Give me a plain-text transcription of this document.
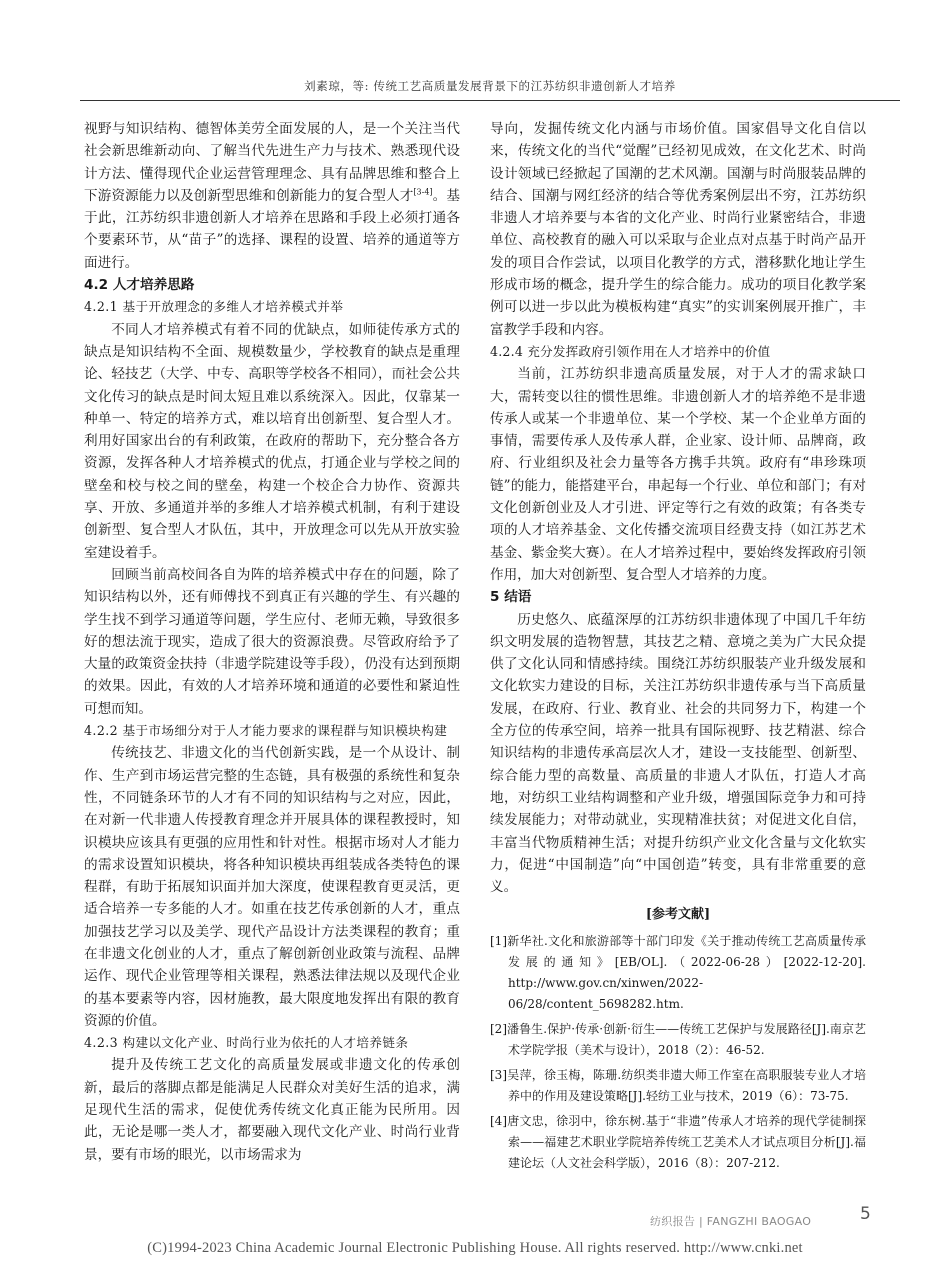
刘素琼，等: 传统工艺高质量发展背景下的江苏纺织非遗创新人才培养

视野与知识结构、德智体美劳全面发展的人，是一个关注当代社会新思维新动向、了解当代先进生产力与技术、熟悉现代设计方法、懂得现代企业运营管理理念、具有品牌思维和整合上下游资源能力以及创新型思维和创新能力的复合型人才[3-4]。基于此，江苏纺织非遗创新人才培养在思路和手段上必须打通各个要素环节，从“苗子”的选择、课程的设置、培养的通道等方面进行。

4.2 人才培养思路

4.2.1 基于开放理念的多维人才培养模式并举

不同人才培养模式有着不同的优缺点，如师徒传承方式的缺点是知识结构不全面、规模数量少，学校教育的缺点是重理论、轻技艺（大学、中专、高职等学校各不相同），而社会公共文化传习的缺点是时间太短且难以系统深入。因此，仅靠某一种单一、特定的培养方式，难以培育出创新型、复合型人才。利用好国家出台的有利政策，在政府的帮助下，充分整合各方资源，发挥各种人才培养模式的优点，打通企业与学校之间的壁垒和校与校之间的壁垒，构建一个校企合力协作、资源共享、开放、多通道并举的多维人才培养模式机制，有利于建设创新型、复合型人才队伍，其中，开放理念可以先从开放实验室建设着手。

回顾当前高校间各自为阵的培养模式中存在的问题，除了知识结构以外，还有师傅找不到真正有兴趣的学生、有兴趣的学生找不到学习通道等问题，学生应付、老师无赖，导致很多好的想法流于现实，造成了很大的资源浪费。尽管政府给予了大量的政策资金扶持（非遗学院建设等手段），仍没有达到预期的效果。因此，有效的人才培养环境和通道的必要性和紧迫性可想而知。

4.2.2 基于市场细分对于人才能力要求的课程群与知识模块构建

传统技艺、非遗文化的当代创新实践，是一个从设计、制作、生产到市场运营完整的生态链，具有极强的系统性和复杂性，不同链条环节的人才有不同的知识结构与之对应，因此，在对新一代非遗人传授教育理念并开展具体的课程教授时，知识模块应该具有更强的应用性和针对性。根据市场对人才能力的需求设置知识模块，将各种知识模块再组装成各类特色的课程群，有助于拓展知识面并加大深度，使课程教育更灵活，更适合培养一专多能的人才。如重在技艺传承创新的人才，重点加强技艺学习以及美学、现代产品设计方法类课程的教育；重在非遗文化创业的人才，重点了解创新创业政策与流程、品牌运作、现代企业管理等相关课程，熟悉法律法规以及现代企业的基本要素等内容，因材施教，最大限度地发挥出有限的教育资源的价值。

4.2.3 构建以文化产业、时尚行业为依托的人才培养链条

提升及传统工艺文化的高质量发展或非遗文化的传承创新，最后的落脚点都是能满足人民群众对美好生活的追求，满足现代生活的需求，促使优秀传统文化真正能为民所用。因此，无论是哪一类人才，都要融入现代文化产业、时尚行业背景，要有市场的眼光，以市场需求为

导向，发掘传统文化内涵与市场价值。国家倡导文化自信以来，传统文化的当代“觉醒”已经初见成效，在文化艺术、时尚设计领域已经掀起了国潮的艺术风潮。国潮与时尚服装品牌的结合、国潮与网红经济的结合等优秀案例层出不穷，江苏纺织非遗人才培养要与本省的文化产业、时尚行业紧密结合，非遗单位、高校教育的融入可以采取与企业点对点基于时尚产品开发的项目合作尝试，以项目化教学的方式，潜移默化地让学生形成市场的概念，提升学生的综合能力。成功的项目化教学案例可以进一步以此为模板构建“真实”的实训案例展开推广，丰富教学手段和内容。

4.2.4 充分发挥政府引领作用在人才培养中的价值

当前，江苏纺织非遗高质量发展，对于人才的需求缺口大，需转变以往的惯性思维。非遗创新人才的培养绝不是非遗传承人或某一个非遗单位、某一个学校、某一个企业单方面的事情，需要传承人及传承人群，企业家、设计师、品牌商，政府、行业组织及社会力量等各方携手共筑。政府有“串珍珠项链”的能力，能搭建平台，串起每一个行业、单位和部门；有对文化创新创业及人才引进、评定等行之有效的政策；有各类专项的人才培养基金、文化传播交流项目经费支持（如江苏艺术基金、紫金奖大赛）。在人才培养过程中，要始终发挥政府引领作用，加大对创新型、复合型人才培养的力度。

5 结语

历史悠久、底蕴深厚的江苏纺织非遗体现了中国几千年纺织文明发展的造物智慧，其技艺之精、意境之美为广大民众提供了文化认同和情感持续。围绕江苏纺织服装产业升级发展和文化软实力建设的目标，关注江苏纺织非遗传承与当下高质量发展，在政府、行业、教育业、社会的共同努力下，构建一个全方位的传承空间，培养一批具有国际视野、技艺精湛、综合知识结构的非遗传承高层次人才，建设一支技能型、创新型、综合能力型的高数量、高质量的非遗人才队伍，打造人才高地，对纺织工业结构调整和产业升级，增强国际竞争力和可持续发展能力；对带动就业，实现精准扶贫；对促进文化自信，丰富当代物质精神生活；对提升纺织产业文化含量与文化软实力，促进“中国制造”向“中国创造”转变，具有非常重要的意义。

[参考文献]

[1]新华社.文化和旅游部等十部门印发《关于推动传统工艺高质量传承发展的通知》[EB/OL].（2022-06-28）[2022-12-20]. http://www.gov.cn/xinwen/2022-06/28/content_5698282.htm.

[2]潘鲁生.保护·传承·创新·衍生——传统工艺保护与发展路径[J].南京艺术学院学报（美术与设计），2018（2）：46-52.

[3]吴萍，徐玉梅，陈珊.纺织类非遗大师工作室在高职服装专业人才培养中的作用及建设策略[J].轻纺工业与技术，2019（6）：73-75.

[4]唐文忠，徐羽中，徐东树.基于“非遗”传承人才培养的现代学徒制探索——福建艺术职业学院培养传统工艺美术人才试点项目分析[J].福建论坛（人文社会科学版），2016（8）：207-212.

纺织报告 | FANGZHI BAOGAO	5
(C)1994-2023 China Academic Journal Electronic Publishing House. All rights reserved. http://www.cnki.net
